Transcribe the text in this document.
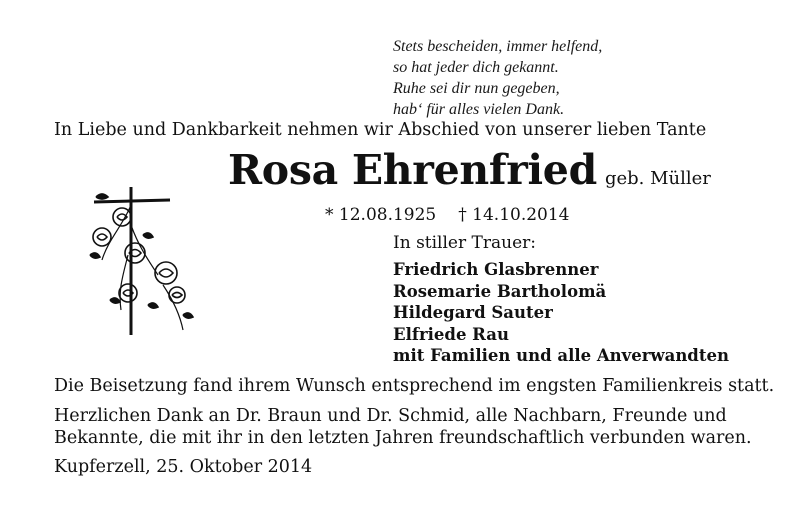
Stets bescheiden, immer helfend,
so hat jeder dich gekannt.
Ruhe sei dir nun gegeben,
hab‘ für alles vielen Dank.
In Liebe und Dankbarkeit nehmen wir Abschied von unserer lieben Tante
Rosa Ehrenfried geb. Müller
* 12.08.1925 † 14.10.2014
In stiller Trauer:
Friedrich Glasbrenner
Rosemarie Bartholomä
Hildegard Sauter
Elfriede Rau
mit Familien und alle Anverwandten
Die Beisetzung fand ihrem Wunsch entsprechend im engsten Familienkreis statt.
Herzlichen Dank an Dr. Braun und Dr. Schmid, alle Nachbarn, Freunde und
Bekannte, die mit ihr in den letzten Jahren freundschaftlich verbunden waren.
Kupferzell, 25. Oktober 2014
